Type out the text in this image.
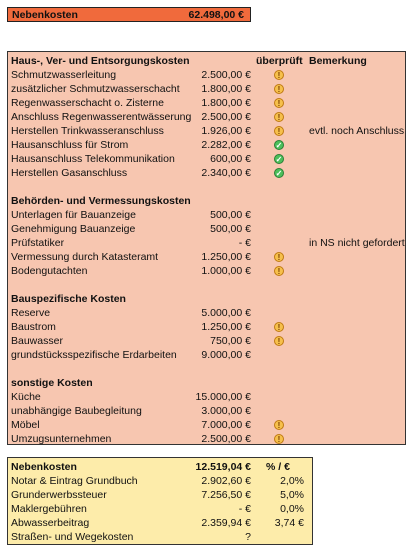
Nebenkosten	62.498,00 €
Haus-, Ver- und Entsorgungskosten	überprüft Bemerkung
Schmutzwasserleitung	2.500,00 €
!
zusätzlicher Schmutzwasserschacht	1.800,00 €
!
Regenwasserschacht o. Zisterne	1.800,00 €
!
Anschluss Regenwasserentwässerung 2.500,00 €
!
Herstellen Trinkwasseranschluss	1.926,00 €
!	evtl. noch Anschluss
Hausanschluss für Strom	2.282,00 €
✓
Hausanschluss Telekommunikation	600,00 €
✓
Herstellen Gasanschluss	2.340,00 €
✓
Behörden- und Vermessungskosten
Unterlagen für Bauanzeige	500,00 €
Genehmigung Bauanzeige	500,00 €
Prüfstatiker	- €	in NS nicht gefordert
Vermessung durch Katasteramt	1.250,00 €
!
Bodengutachten	1.000,00 €
!
Bauspezifische Kosten
Reserve	5.000,00 €
Baustrom	1.250,00 €
!
Bauwasser	750,00 €
!
grundstücksspezifische Erdarbeiten	9.000,00 €
sonstige Kosten
Küche	15.000,00 €
unabhängige Baubegleitung	3.000,00 €
Möbel	7.000,00 €
!
Umzugsunternehmen	2.500,00 €
!
Nebenkosten	12.519,04 € % / €
Notar & Eintrag Grundbuch	2.902,60 €	2,0%
Grunderwerbssteuer	7.256,50 €	5,0%
Maklergebühren	- €	0,0%
Abwasserbeitrag	2.359,94 €	3,74 €
Straßen- und Wegekosten	?
